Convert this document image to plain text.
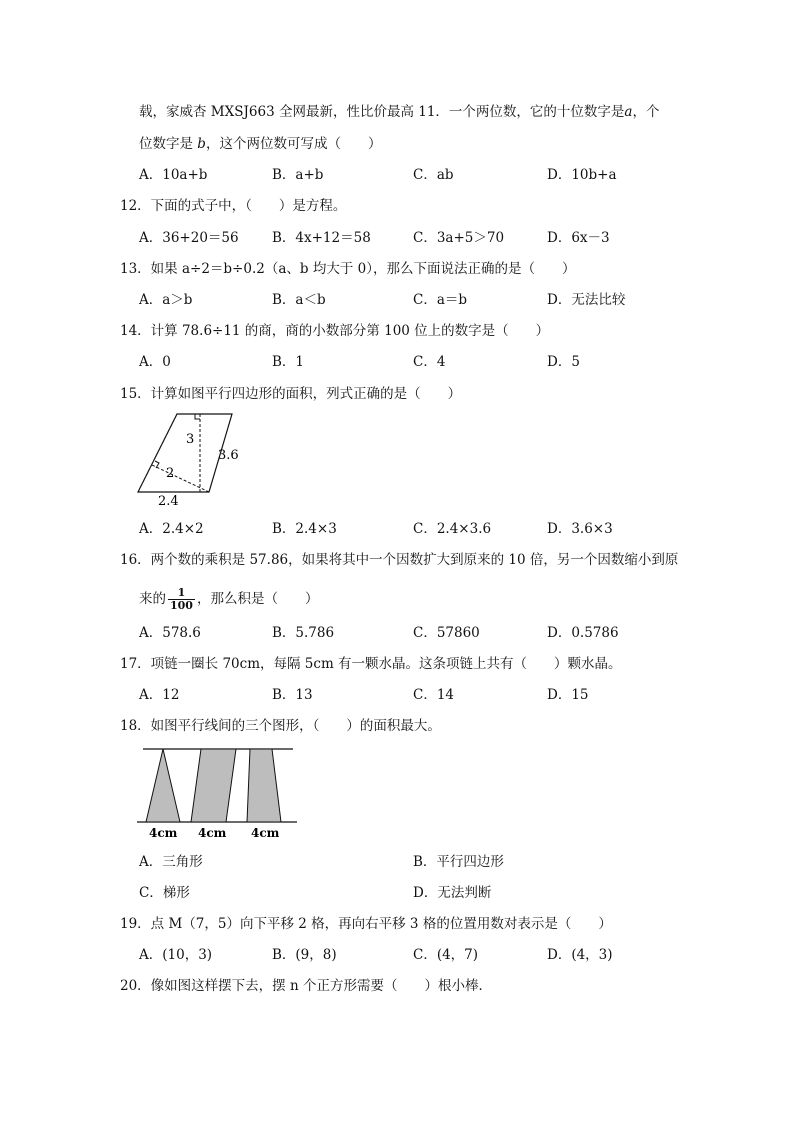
载，家威杏 MXSJ663 全网最新，性比价最高 11．一个两位数，它的十位数字是a，个
位数字是 b，这个两位数可写成（　　）
A．10a+b	B．a+b	C．ab	D．10b+a
12．下面的式子中，（　　）是方程。
A．36+20＝56 B．4x+12＝58	C．3a+5＞70	D．6x－3
13．如果 a÷2＝b÷0.2（a、b 均大于 0），那么下面说法正确的是（　　）
A．a＞b	B．a＜b	C．a＝b	D．无法比较
14．计算 78.6÷11 的商，商的小数部分第 100 位上的数字是（　　）
A．0	B．1	C．4	D．5
15．计算如图平行四边形的面积，列式正确的是（　　）
3
3.6
2
2.4
A．2.4×2	B．2.4×3	C．2.4×3.6	D．3.6×3
16．两个数的乘积是 57.86，如果将其中一个因数扩大到原来的 10 倍，另一个因数缩小到原
来的 $\frac{1}{100}$ ，那么积是（　　）
A．578.6	B．5.786	C．57860	D．0.5786
17．项链一圈长 70cm，每隔 5cm 有一颗水晶。这条项链上共有（　　）颗水晶。
A．12	B．13	C．14	D．15
18．如图平行线间的三个图形，（　　）的面积最大。
4cm 4cm 4cm
A．三角形	B．平行四边形
C．梯形	D．无法判断
19．点 M（7，5）向下平移 2 格，再向右平移 3 格的位置用数对表示是（　　）
A．(10，3)	B．(9，8)	C．(4，7)	D．(4，3)
20．像如图这样摆下去，摆 n 个正方形需要（　　）根小棒．
